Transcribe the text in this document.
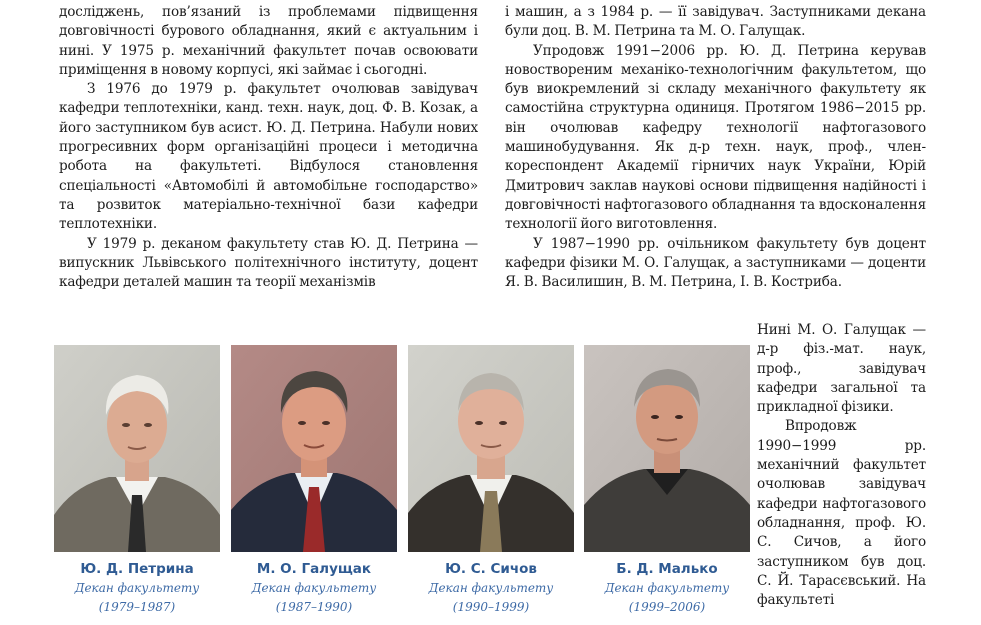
досліджень, пов’язаний із проблемами підвищення довговічності бурового обладнання, який є актуальним і нині. У 1975 р. механічний факультет почав освоювати приміщення в новому корпусі, які займає і сьогодні.

З 1976 до 1979 р. факультет очолював завідувач кафедри теплотехніки, канд. техн. наук, доц. Ф. В. Козак, а його заступником був асист. Ю. Д. Петрина. Набули нових прогресивних форм організаційні процеси і методична робота на факультеті. Відбулося становлення спеціальності «Автомобілі й автомобільне господарство» та розвиток матеріально-технічної бази кафедри теплотехніки.

У 1979 р. деканом факультету став Ю. Д. Петрина — випускник Львівського політехнічного інституту, доцент кафедри деталей машин та теорії механізмів

і машин, а з 1984 р. — її завідувач. Заступниками декана були доц. В. М. Петрина та М. О. Галущак.

Упродовж 1991−2006 рр. Ю. Д. Петрина керував новоствореним механіко-технологічним факультетом, що був виокремлений зі складу механічного факультету як самостійна структурна одиниця. Протягом 1986−2015 рр. він очолював кафедру технології нафтогазового машинобудування. Як д-р техн. наук, проф., член-кореспондент Академії гірничих наук України, Юрій Дмитрович заклав наукові основи підвищення надійності і довговічності нафтогазового обладнання та вдосконалення технології його виготовлення.

У 1987−1990 рр. очільником факультету був доцент кафедри фізики М. О. Галущак, а заступниками — доценти Я. В. Василишин, В. М. Петрина, І. В. Кострибa.

Нині М. О. Галущак — д-р фіз.-мат. наук, проф., завідувач кафедри загальної та прикладної фізики.

Впродовж 1990−1999 рр. механічний факультет очолював завідувач кафедри нафтогазового обладнання, проф. Ю. С. Сичов, а його заступником був доц. С. Й. Тарасєвський. На факультеті

Ю. Д. Петрина
Декан факультету
(1979–1987)
М. О. Галущак
Декан факультету
(1987–1990)
Ю. С. Сичов
Декан факультету
(1990–1999)
Б. Д. Малько
Декан факультету
(1999–2006)
